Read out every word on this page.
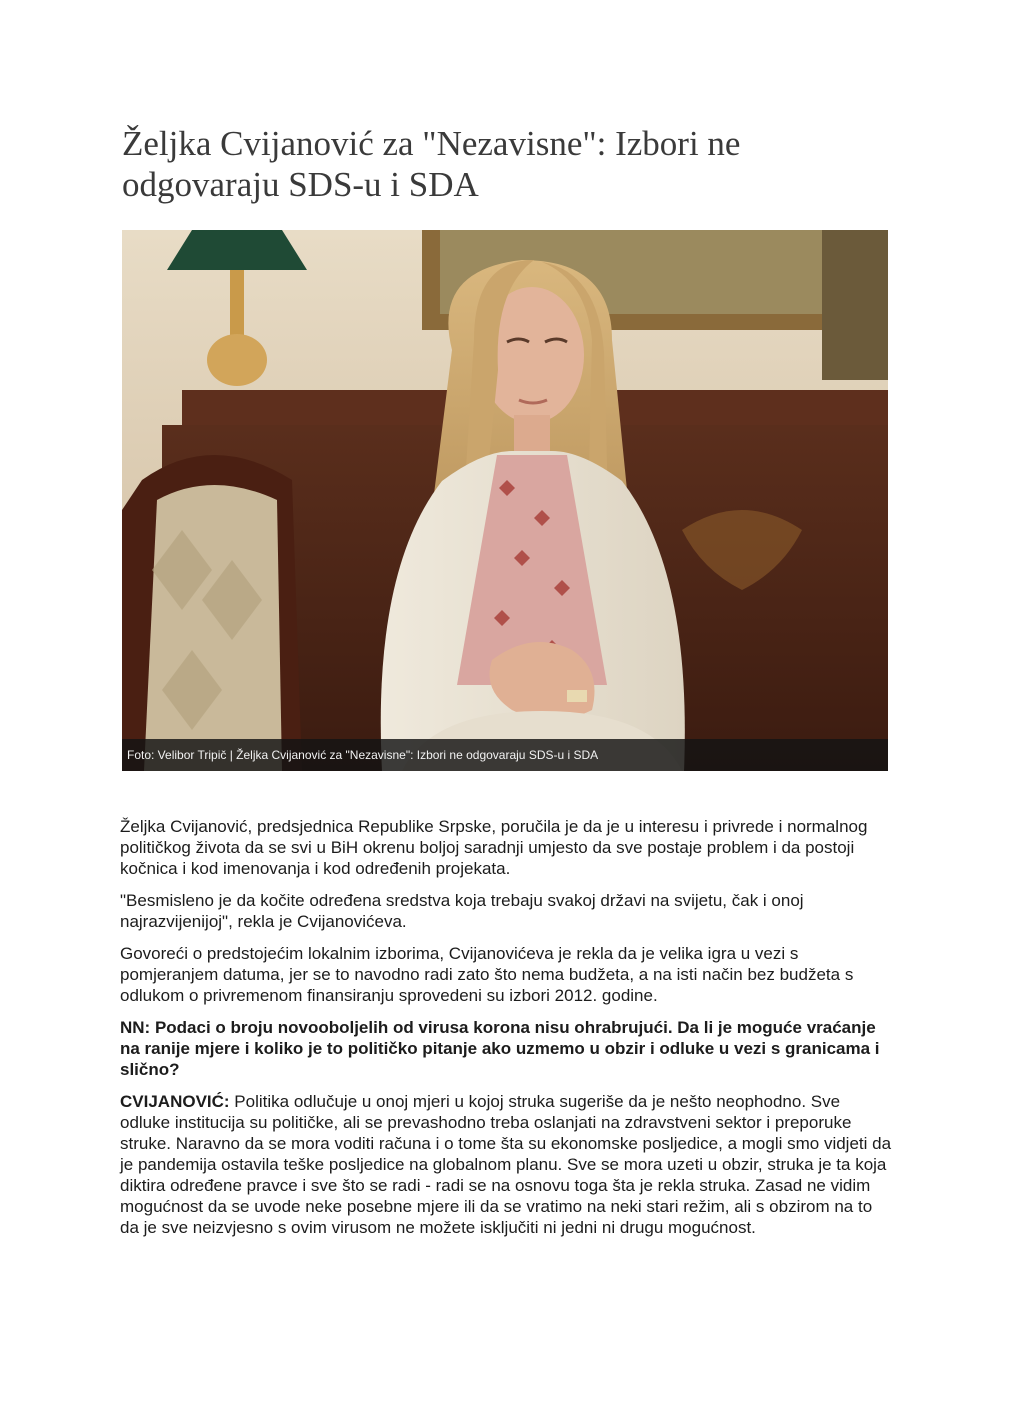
Željka Cvijanović za "Nezavisne": Izbori ne odgovaraju SDS-u i SDA
Foto: Velibor Tripič | Željka Cvijanović za "Nezavisne": Izbori ne odgovaraju SDS-u i SDA

Željka Cvijanović, predsjednica Republike Srpske, poručila je da je u interesu i privrede i normalnog političkog života da se svi u BiH okrenu boljoj saradnji umjesto da sve postaje problem i da postoji kočnica i kod imenovanja i kod određenih projekata.

"Besmisleno je da kočite određena sredstva koja trebaju svakoj državi na svijetu, čak i onoj najrazvijenijoj", rekla je Cvijanovićeva.

Govoreći o predstojećim lokalnim izborima, Cvijanovićeva je rekla da je velika igra u vezi s pomjeranjem datuma, jer se to navodno radi zato što nema budžeta, a na isti način bez budžeta s odlukom o privremenom finansiranju sprovedeni su izbori 2012. godine.

NN: Podaci o broju novooboljelih od virusa korona nisu ohrabrujući. Da li je moguće vraćanje na ranije mjere i koliko je to političko pitanje ako uzmemo u obzir i odluke u vezi s granicama i slično?

CVIJANOVIĆ: Politika odlučuje u onoj mjeri u kojoj struka sugeriše da je nešto neophodno. Sve odluke institucija su političke, ali se prevashodno treba oslanjati na zdravstveni sektor i preporuke struke. Naravno da se mora voditi računa i o tome šta su ekonomske posljedice, a mogli smo vidjeti da je pandemija ostavila teške posljedice na globalnom planu. Sve se mora uzeti u obzir, struka je ta koja diktira određene pravce i sve što se radi - radi se na osnovu toga šta je rekla struka. Zasad ne vidim mogućnost da se uvode neke posebne mjere ili da se vratimo na neki stari režim, ali s obzirom na to da je sve neizvjesno s ovim virusom ne možete isključiti ni jedni ni drugu mogućnost.
